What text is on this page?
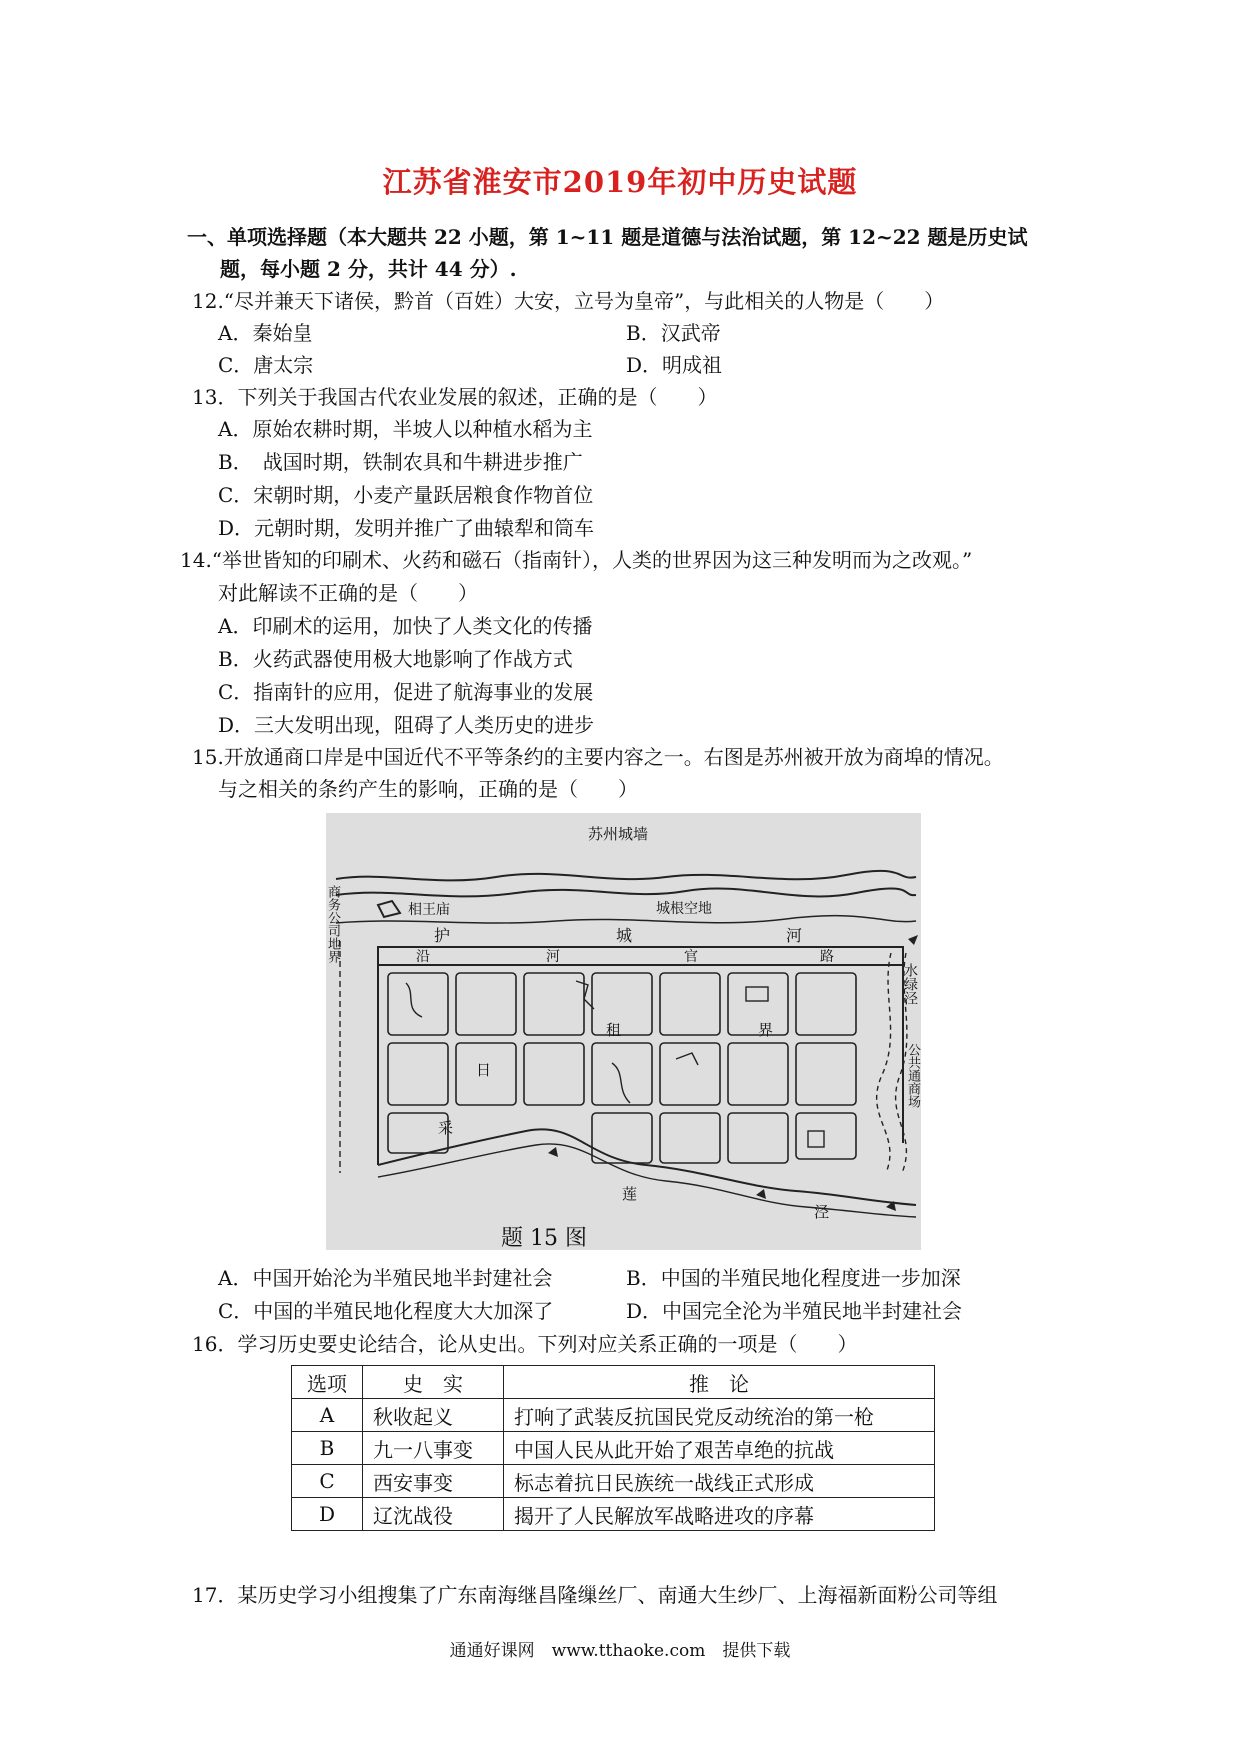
江苏省淮安市2019年初中历史试题
一、单项选择题（本大题共 22 小题，第 1~11 题是道德与法治试题，第 12~22 题是历史试
题，每小题 2 分，共计 44 分）.
12.“尽并兼天下诸侯，黔首（百姓）大安，立号为皇帝”，与此相关的人物是（　　）
A．秦始皇	B．汉武帝
C．唐太宗	D．明成祖
13．下列关于我国古代农业发展的叙述，正确的是（　　）
A．原始农耕时期，半坡人以种植水稻为主
B．　战国时期，铁制农具和牛耕进步推广
C．宋朝时期，小麦产量跃居粮食作物首位
D．元朝时期，发明并推广了曲辕犁和筒车
14.“举世皆知的印刷术、火药和磁石（指南针），人类的世界因为这三种发明而为之改观。”
对此解读不正确的是（　　）
A．印刷术的运用，加快了人类文化的传播
B．火药武器使用极大地影响了作战方式
C．指南针的应用，促进了航海事业的发展
D．三大发明出现，阻碍了人类历史的进步
15.开放通商口岸是中国近代不平等条约的主要内容之一。右图是苏州被开放为商埠的情况。
与之相关的条约产生的影响，正确的是（　　）
苏州城墙
相王庙	城根空地
护	城	河
沿	河	官	路
日
租	界
采
莲
泾
题 15 图
商务公司地界
水绿泾
公共通商场
A．中国开始沦为半殖民地半封建社会	B．中国的半殖民地化程度进一步加深
C．中国的半殖民地化程度大大加深了	D．中国完全沦为半殖民地半封建社会
16．学习历史要史论结合，论从史出。下列对应关系正确的一项是（　　）
选项	史　实	推　论
A	秋收起义	打响了武装反抗国民党反动统治的第一枪
B	九一八事变	中国人民从此开始了艰苦卓绝的抗战
C	西安事变	标志着抗日民族统一战线正式形成
D	辽沈战役	揭开了人民解放军战略进攻的序幕
17．某历史学习小组搜集了广东南海继昌隆缫丝厂、南通大生纱厂、上海福新面粉公司等组
通通好课网　www.tthaoke.com　提供下载
